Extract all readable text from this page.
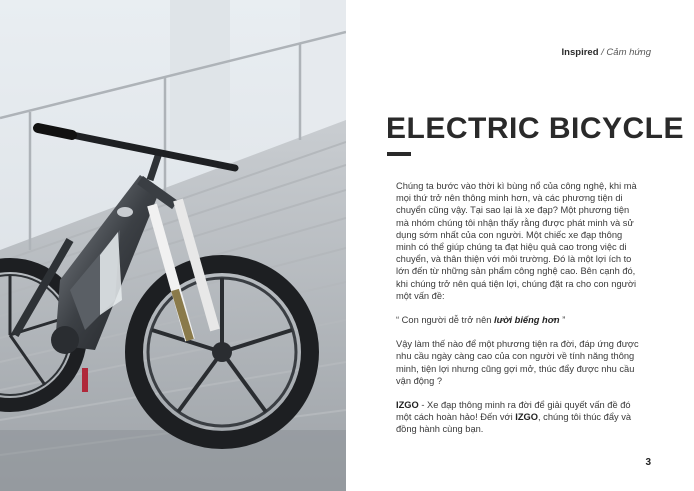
Inspired / Cảm hứng
ELECTRIC BICYCLE

Chúng ta bước vào thời kì bùng nổ của công nghệ, khi mà mọi thứ trở nên thông minh hơn, và các phương tiện di chuyển cũng vậy. Tại sao lại là xe đạp? Một phương tiện mà nhóm chúng tôi nhận thấy rằng được phát minh và sử dụng sớm nhất của con người. Một chiếc xe đạp thông minh có thể giúp chúng ta đạt hiệu quả cao trong việc di chuyển, và thân thiện với môi trường. Đó là một lợi ích to lớn đến từ những sản phẩm công nghệ cao. Bên cạnh đó, khi chúng trở nên quá tiện lợi, chúng đặt ra cho con người một vấn đề:

“ Con người dễ trở nên lười biếng hơn ”

Vậy làm thế nào để một phương tiện ra đời, đáp ứng được nhu cầu ngày càng cao của con người về tính năng thông minh, tiện lợi nhưng cũng gợi mở, thúc đẩy được nhu cầu vận động ?

IZGO - Xe đạp thông minh ra đời để giải quyết vấn đề đó một cách hoàn hảo! Đến với IZGO, chúng tôi thúc đẩy và đồng hành cùng bạn.

3
